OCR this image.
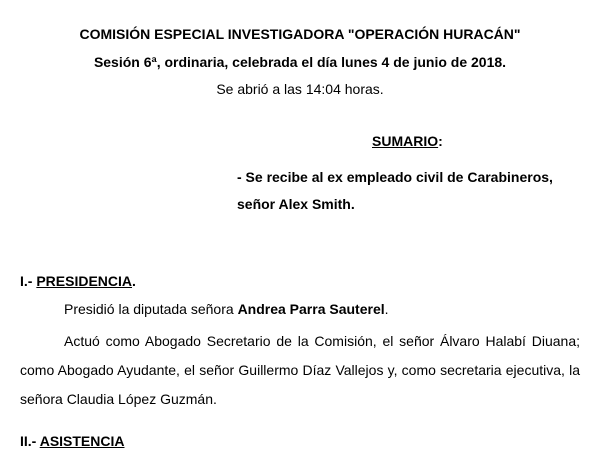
COMISIÓN ESPECIAL INVESTIGADORA "OPERACIÓN HURACÁN"
Sesión 6ª, ordinaria, celebrada el día lunes 4 de junio de 2018.
Se abrió a las 14:04 horas.
SUMARIO:
- Se recibe al ex empleado civil de Carabineros,
señor Alex Smith.
I.- PRESIDENCIA.
Presidió la diputada señora Andrea Parra Sauterel.
Actuó como Abogado Secretario de la Comisión, el señor Álvaro Halabí Diuana; como Abogado Ayudante, el señor Guillermo Díaz Vallejos y, como secretaria ejecutiva, la señora Claudia López Guzmán.
II.- ASISTENCIA
